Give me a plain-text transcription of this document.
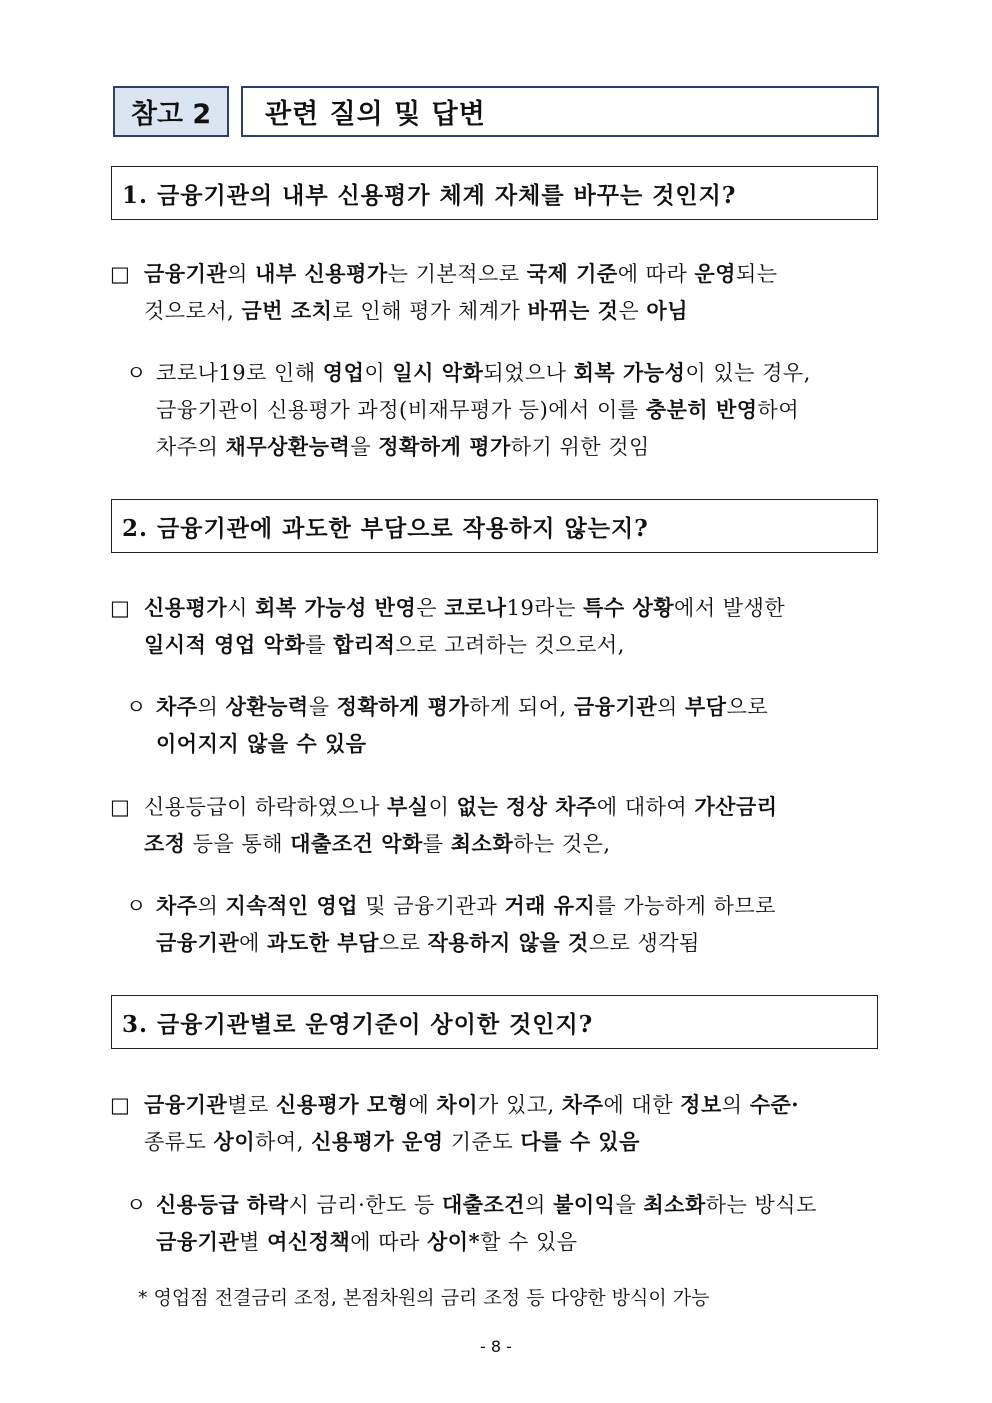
참고 2	관련 질의 및 답변
1. 금융기관의 내부 신용평가 체계 자체를 바꾸는 것인지?
□ 금융기관의 내부 신용평가는 기본적으로 국제 기준에 따라 운영되는
것으로서, 금번 조치로 인해 평가 체계가 바뀌는 것은 아님
ㅇ 코로나19로 인해 영업이 일시 악화되었으나 회복 가능성이 있는 경우,
금융기관이 신용평가 과정(비재무평가 등)에서 이를 충분히 반영하여
차주의 채무상환능력을 정확하게 평가하기 위한 것임
2. 금융기관에 과도한 부담으로 작용하지 않는지?
□ 신용평가시 회복 가능성 반영은 코로나19라는 특수 상황에서 발생한
일시적 영업 악화를 합리적으로 고려하는 것으로서,
ㅇ 차주의 상환능력을 정확하게 평가하게 되어, 금융기관의 부담으로
이어지지 않을 수 있음
□ 신용등급이 하락하였으나 부실이 없는 정상 차주에 대하여 가산금리
조정 등을 통해 대출조건 악화를 최소화하는 것은,
ㅇ 차주의 지속적인 영업 및 금융기관과 거래 유지를 가능하게 하므로
금융기관에 과도한 부담으로 작용하지 않을 것으로 생각됨
3. 금융기관별로 운영기준이 상이한 것인지?
□ 금융기관별로 신용평가 모형에 차이가 있고, 차주에 대한 정보의 수준·
종류도 상이하여, 신용평가 운영 기준도 다를 수 있음
ㅇ 신용등급 하락시 금리·한도 등 대출조건의 불이익을 최소화하는 방식도
금융기관별 여신정책에 따라 상이*할 수 있음
* 영업점 전결금리 조정, 본점차원의 금리 조정 등 다양한 방식이 가능
- 8 -
